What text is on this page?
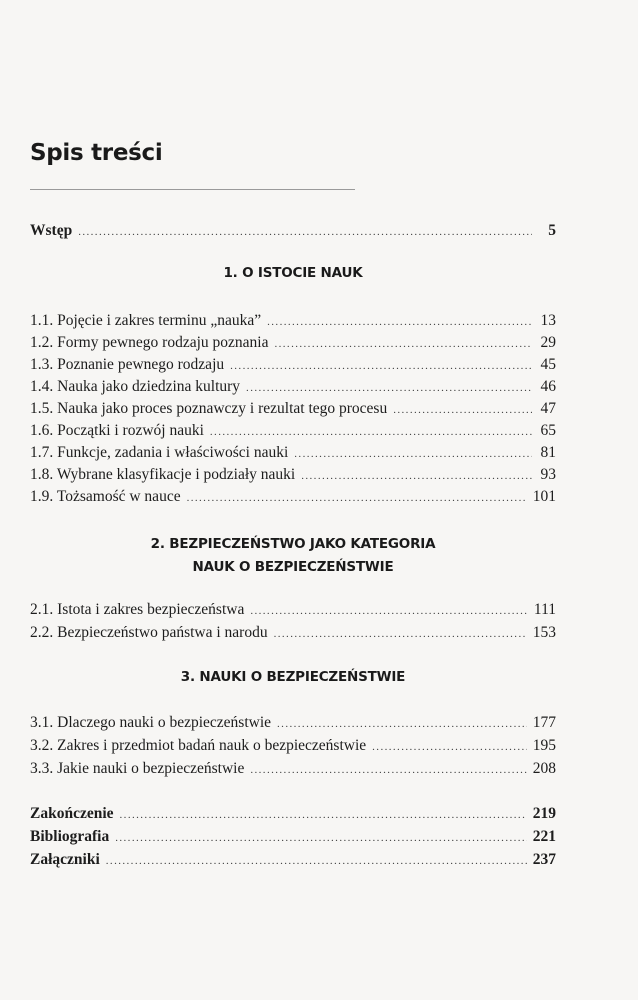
Spis treści
Wstęp .....	5
1. O ISTOCIE NAUK
1.1. Pojęcie i zakres terminu „nauka” .....	13
1.2. Formy pewnego rodzaju poznania .....	29
1.3. Poznanie pewnego rodzaju .....	45
1.4. Nauka jako dziedzina kultury .....	46
1.5. Nauka jako proces poznawczy i rezultat tego procesu .....	47
1.6. Początki i rozwój nauki .....	65
1.7. Funkcje, zadania i właściwości nauki .....	81
1.8. Wybrane klasyfikacje i podziały nauki .....	93
1.9. Tożsamość w nauce .....	101
2. BEZPIECZEŃSTWO JAKO KATEGORIA
NAUK O BEZPIECZEŃSTWIE
2.1. Istota i zakres bezpieczeństwa .....	111
2.2. Bezpieczeństwo państwa i narodu .....	153
3. NAUKI O BEZPIECZEŃSTWIE
3.1. Dlaczego nauki o bezpieczeństwie .....	177
3.2. Zakres i przedmiot badań nauk o bezpieczeństwie .....	195
3.3. Jakie nauki o bezpieczeństwie .....	208
Zakończenie .....	219
Bibliografia .....	221
Załączniki .....	237
